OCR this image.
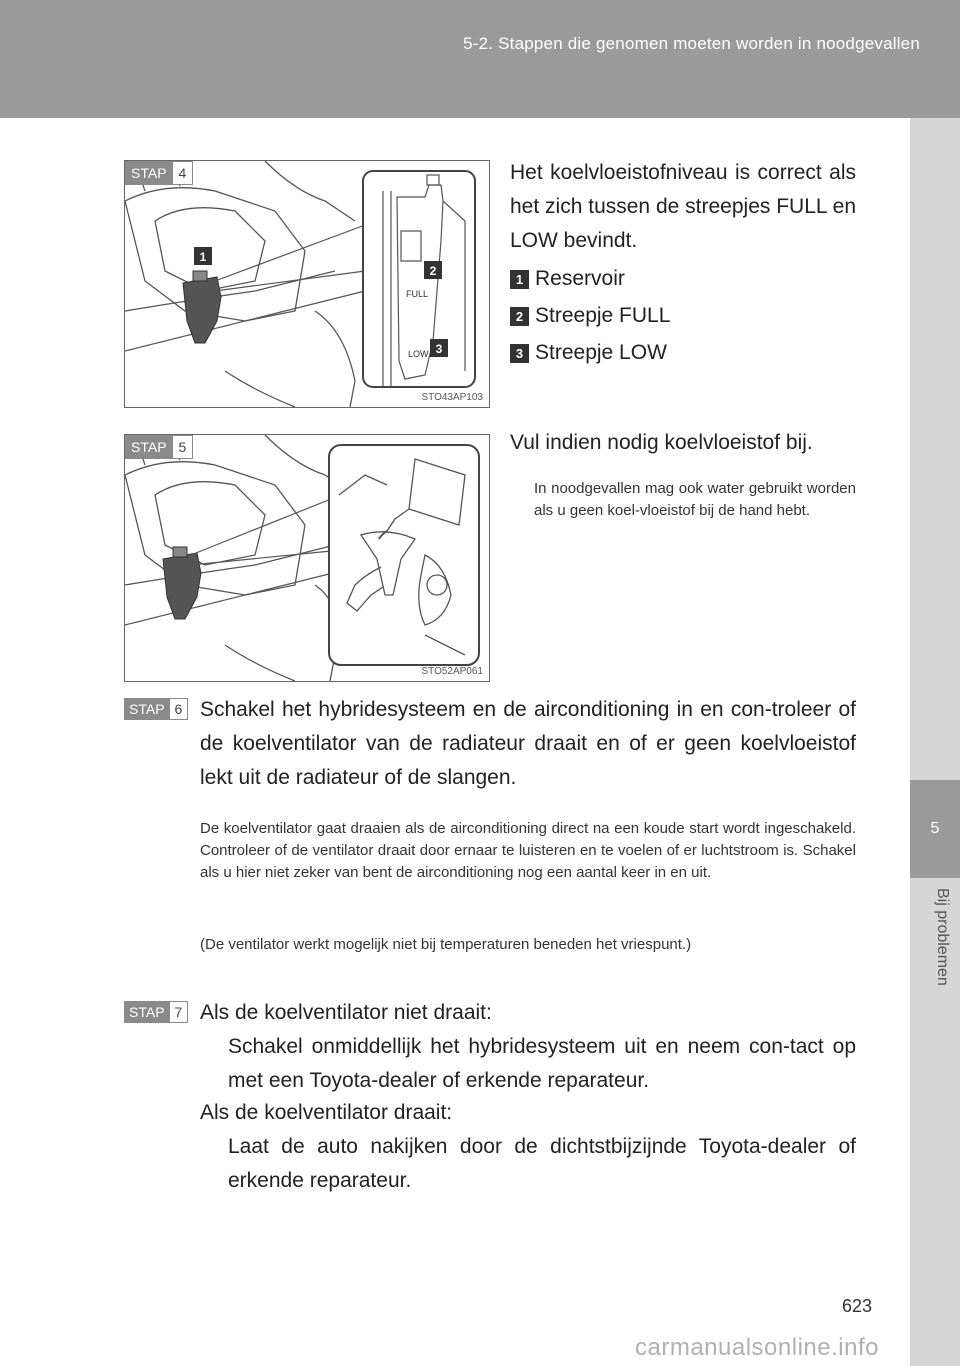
5-2. Stappen die genomen moeten worden in noodgevallen
5
Bij problemen
1
FULL
LOW
2
3
STAP 4
STO43AP103
Het koelvloeistofniveau is correct als het zich tussen de streepjes FULL en LOW bevindt.
1 Reservoir
2 Streepje FULL
3 Streepje LOW
STAP 5
STO52AP061
Vul indien nodig koelvloeistof bij.
In noodgevallen mag ook water gebruikt worden als u geen koel-vloeistof bij de hand hebt.
STAP 6 Schakel het hybridesysteem en de airconditioning in en con-troleer of de koelventilator van de radiateur draait en of er geen koelvloeistof lekt uit de radiateur of de slangen.
De koelventilator gaat draaien als de airconditioning direct na een koude start wordt ingeschakeld. Controleer of de ventilator draait door ernaar te luisteren en te voelen of er luchtstroom is. Schakel als u hier niet zeker van bent de airconditioning nog een aantal keer in en uit.
(De ventilator werkt mogelijk niet bij temperaturen beneden het vriespunt.)
STAP 7 Als de koelventilator niet draait:
Schakel onmiddellijk het hybridesysteem uit en neem con-tact op met een Toyota-dealer of erkende reparateur.
Als de koelventilator draait:
Laat de auto nakijken door de dichtstbijzijnde Toyota-dealer of erkende reparateur.
623
carmanualsonline.info
